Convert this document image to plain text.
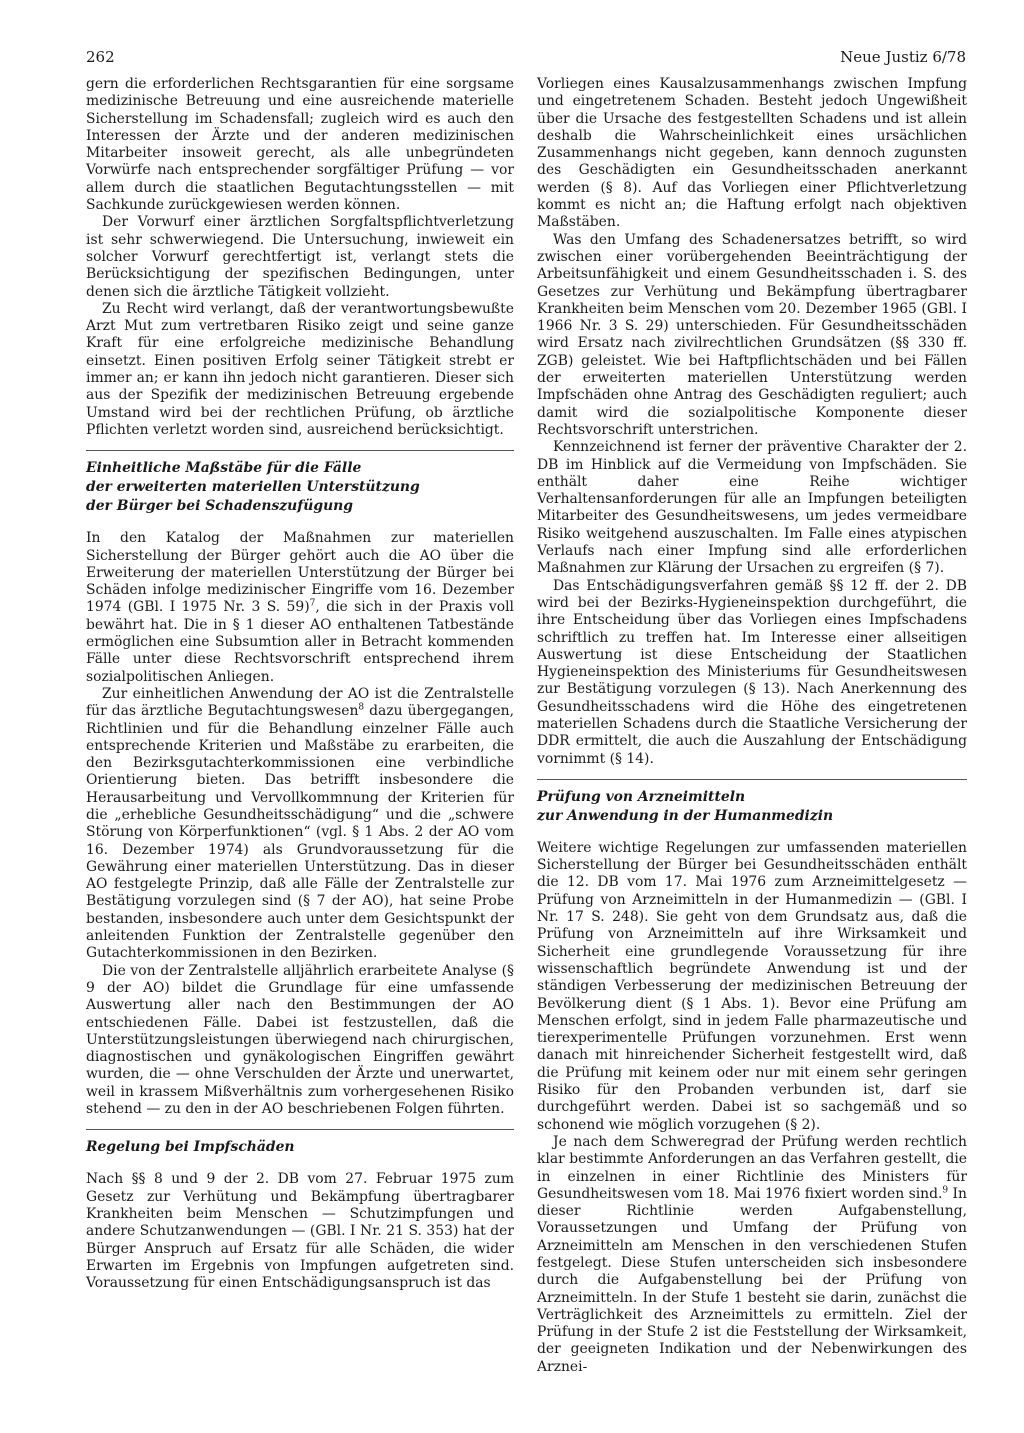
262	Neue Justiz 6/78

gern die erforderlichen Rechtsgarantien für eine sorgsame medizinische Betreuung und eine ausreichende materielle Sicherstellung im Schadensfall; zugleich wird es auch den Interessen der Ärzte und der anderen medizinischen Mitarbeiter insoweit gerecht, als alle unbegründeten Vorwürfe nach entsprechender sorgfältiger Prüfung — vor allem durch die staatlichen Begutachtungsstellen — mit Sachkunde zurückgewiesen werden können.

Der Vorwurf einer ärztlichen Sorgfaltspflichtverletzung ist sehr schwerwiegend. Die Untersuchung, inwieweit ein solcher Vorwurf gerechtfertigt ist, verlangt stets die Berücksichtigung der spezifischen Bedingungen, unter denen sich die ärztliche Tätigkeit vollzieht.

Zu Recht wird verlangt, daß der verantwortungsbewußte Arzt Mut zum vertretbaren Risiko zeigt und seine ganze Kraft für eine erfolgreiche medizinische Behandlung einsetzt. Einen positiven Erfolg seiner Tätigkeit strebt er immer an; er kann ihn jedoch nicht garantieren. Dieser sich aus der Spezifik der medizinischen Betreuung ergebende Umstand wird bei der rechtlichen Prüfung, ob ärztliche Pflichten verletzt worden sind, ausreichend berücksichtigt.

Einheitliche Maßstäbe für die Fälle
der erweiterten materiellen Unterstützung
der Bürger bei Schadenszufügung

In den Katalog der Maßnahmen zur materiellen Sicherstellung der Bürger gehört auch die AO über die Erweiterung der materiellen Unterstützung der Bürger bei Schäden infolge medizinischer Eingriffe vom 16. Dezember 1974 (GBl. I 1975 Nr. 3 S. 59)$^7$, die sich in der Praxis voll bewährt hat. Die in § 1 dieser AO enthaltenen Tatbestände ermöglichen eine Subsumtion aller in Betracht kommenden Fälle unter diese Rechtsvorschrift entsprechend ihrem sozialpolitischen Anliegen.

Zur einheitlichen Anwendung der AO ist die Zentralstelle für das ärztliche Begutachtungswesen$^8$ dazu übergegangen, Richtlinien und für die Behandlung einzelner Fälle auch entsprechende Kriterien und Maßstäbe zu erarbeiten, die den Bezirksgutachterkommissionen eine verbindliche Orientierung bieten. Das betrifft insbesondere die Herausarbeitung und Vervollkommnung der Kriterien für die „erhebliche Gesundheitsschädigung“ und die „schwere Störung von Körperfunktionen“ (vgl. § 1 Abs. 2 der AO vom 16. Dezember 1974) als Grundvoraussetzung für die Gewährung einer materiellen Unterstützung. Das in dieser AO festgelegte Prinzip, daß alle Fälle der Zentralstelle zur Bestätigung vorzulegen sind (§ 7 der AO), hat seine Probe bestanden, insbesondere auch unter dem Gesichtspunkt der anleitenden Funktion der Zentralstelle gegenüber den Gutachterkommissionen in den Bezirken.

Die von der Zentralstelle alljährlich erarbeitete Analyse (§ 9 der AO) bildet die Grundlage für eine umfassende Auswertung aller nach den Bestimmungen der AO entschiedenen Fälle. Dabei ist festzustellen, daß die Unterstützungsleistungen überwiegend nach chirurgischen, diagnostischen und gynäkologischen Eingriffen gewährt wurden, die — ohne Verschulden der Ärzte und unerwartet, weil in krassem Mißverhältnis zum vorhergesehenen Risiko stehend — zu den in der AO beschriebenen Folgen führten.

Regelung bei Impfschäden

Nach §§ 8 und 9 der 2. DB vom 27. Februar 1975 zum Gesetz zur Verhütung und Bekämpfung übertragbarer Krankheiten beim Menschen — Schutzimpfungen und andere Schutzanwendungen — (GBl. I Nr. 21 S. 353) hat der Bürger Anspruch auf Ersatz für alle Schäden, die wider Erwarten im Ergebnis von Impfungen aufgetreten sind. Voraussetzung für einen Entschädigungsanspruch ist das

Vorliegen eines Kausalzusammenhangs zwischen Impfung und eingetretenem Schaden. Besteht jedoch Ungewißheit über die Ursache des festgestellten Schadens und ist allein deshalb die Wahrscheinlichkeit eines ursächlichen Zusammenhangs nicht gegeben, kann dennoch zugunsten des Geschädigten ein Gesundheitsschaden anerkannt werden (§ 8). Auf das Vorliegen einer Pflichtverletzung kommt es nicht an; die Haftung erfolgt nach objektiven Maßstäben.

Was den Umfang des Schadenersatzes betrifft, so wird zwischen einer vorübergehenden Beeinträchtigung der Arbeitsunfähigkeit und einem Gesundheitsschaden i. S. des Gesetzes zur Verhütung und Bekämpfung übertragbarer Krankheiten beim Menschen vom 20. Dezember 1965 (GBl. I 1966 Nr. 3 S. 29) unterschieden. Für Gesundheitsschäden wird Ersatz nach zivilrechtlichen Grundsätzen (§§ 330 ff. ZGB) geleistet. Wie bei Haftpflichtschäden und bei Fällen der erweiterten materiellen Unterstützung werden Impfschäden ohne Antrag des Geschädigten reguliert; auch damit wird die sozialpolitische Komponente dieser Rechtsvorschrift unterstrichen.

Kennzeichnend ist ferner der präventive Charakter der 2. DB im Hinblick auf die Vermeidung von Impfschäden. Sie enthält daher eine Reihe wichtiger Verhaltensanforderungen für alle an Impfungen beteiligten Mitarbeiter des Gesundheitswesens, um jedes vermeidbare Risiko weitgehend auszuschalten. Im Falle eines atypischen Verlaufs nach einer Impfung sind alle erforderlichen Maßnahmen zur Klärung der Ursachen zu ergreifen (§ 7).

Das Entschädigungsverfahren gemäß §§ 12 ff. der 2. DB wird bei der Bezirks-Hygieneinspektion durchgeführt, die ihre Entscheidung über das Vorliegen eines Impfschadens schriftlich zu treffen hat. Im Interesse einer allseitigen Auswertung ist diese Entscheidung der Staatlichen Hygieneinspektion des Ministeriums für Gesundheitswesen zur Bestätigung vorzulegen (§ 13). Nach Anerkennung des Gesundheitsschadens wird die Höhe des eingetretenen materiellen Schadens durch die Staatliche Versicherung der DDR ermittelt, die auch die Auszahlung der Entschädigung vornimmt (§ 14).

Prüfung von Arzneimitteln
zur Anwendung in der Humanmedizin

Weitere wichtige Regelungen zur umfassenden materiellen Sicherstellung der Bürger bei Gesundheitsschäden enthält die 12. DB vom 17. Mai 1976 zum Arzneimittelgesetz — Prüfung von Arzneimitteln in der Humanmedizin — (GBl. I Nr. 17 S. 248). Sie geht von dem Grundsatz aus, daß die Prüfung von Arzneimitteln auf ihre Wirksamkeit und Sicherheit eine grundlegende Voraussetzung für ihre wissenschaftlich begründete Anwendung ist und der ständigen Verbesserung der medizinischen Betreuung der Bevölkerung dient (§ 1 Abs. 1). Bevor eine Prüfung am Menschen erfolgt, sind in jedem Falle pharmazeutische und tierexperimentelle Prüfungen vorzunehmen. Erst wenn danach mit hinreichender Sicherheit festgestellt wird, daß die Prüfung mit keinem oder nur mit einem sehr geringen Risiko für den Probanden verbunden ist, darf sie durchgeführt werden. Dabei ist so sachgemäß und so schonend wie möglich vorzugehen (§ 2).

Je nach dem Schweregrad der Prüfung werden rechtlich klar bestimmte Anforderungen an das Verfahren gestellt, die in einzelnen in einer Richtlinie des Ministers für Gesundheitswesen vom 18. Mai 1976 fixiert worden sind.$^9$ In dieser Richtlinie werden Aufgabenstellung, Voraussetzungen und Umfang der Prüfung von Arzneimitteln am Menschen in den verschiedenen Stufen festgelegt. Diese Stufen unterscheiden sich insbesondere durch die Aufgabenstellung bei der Prüfung von Arzneimitteln. In der Stufe 1 besteht sie darin, zunächst die Verträglichkeit des Arzneimittels zu ermitteln. Ziel der Prüfung in der Stufe 2 ist die Feststellung der Wirksamkeit, der geeigneten Indikation und der Nebenwirkungen des Arznei-
